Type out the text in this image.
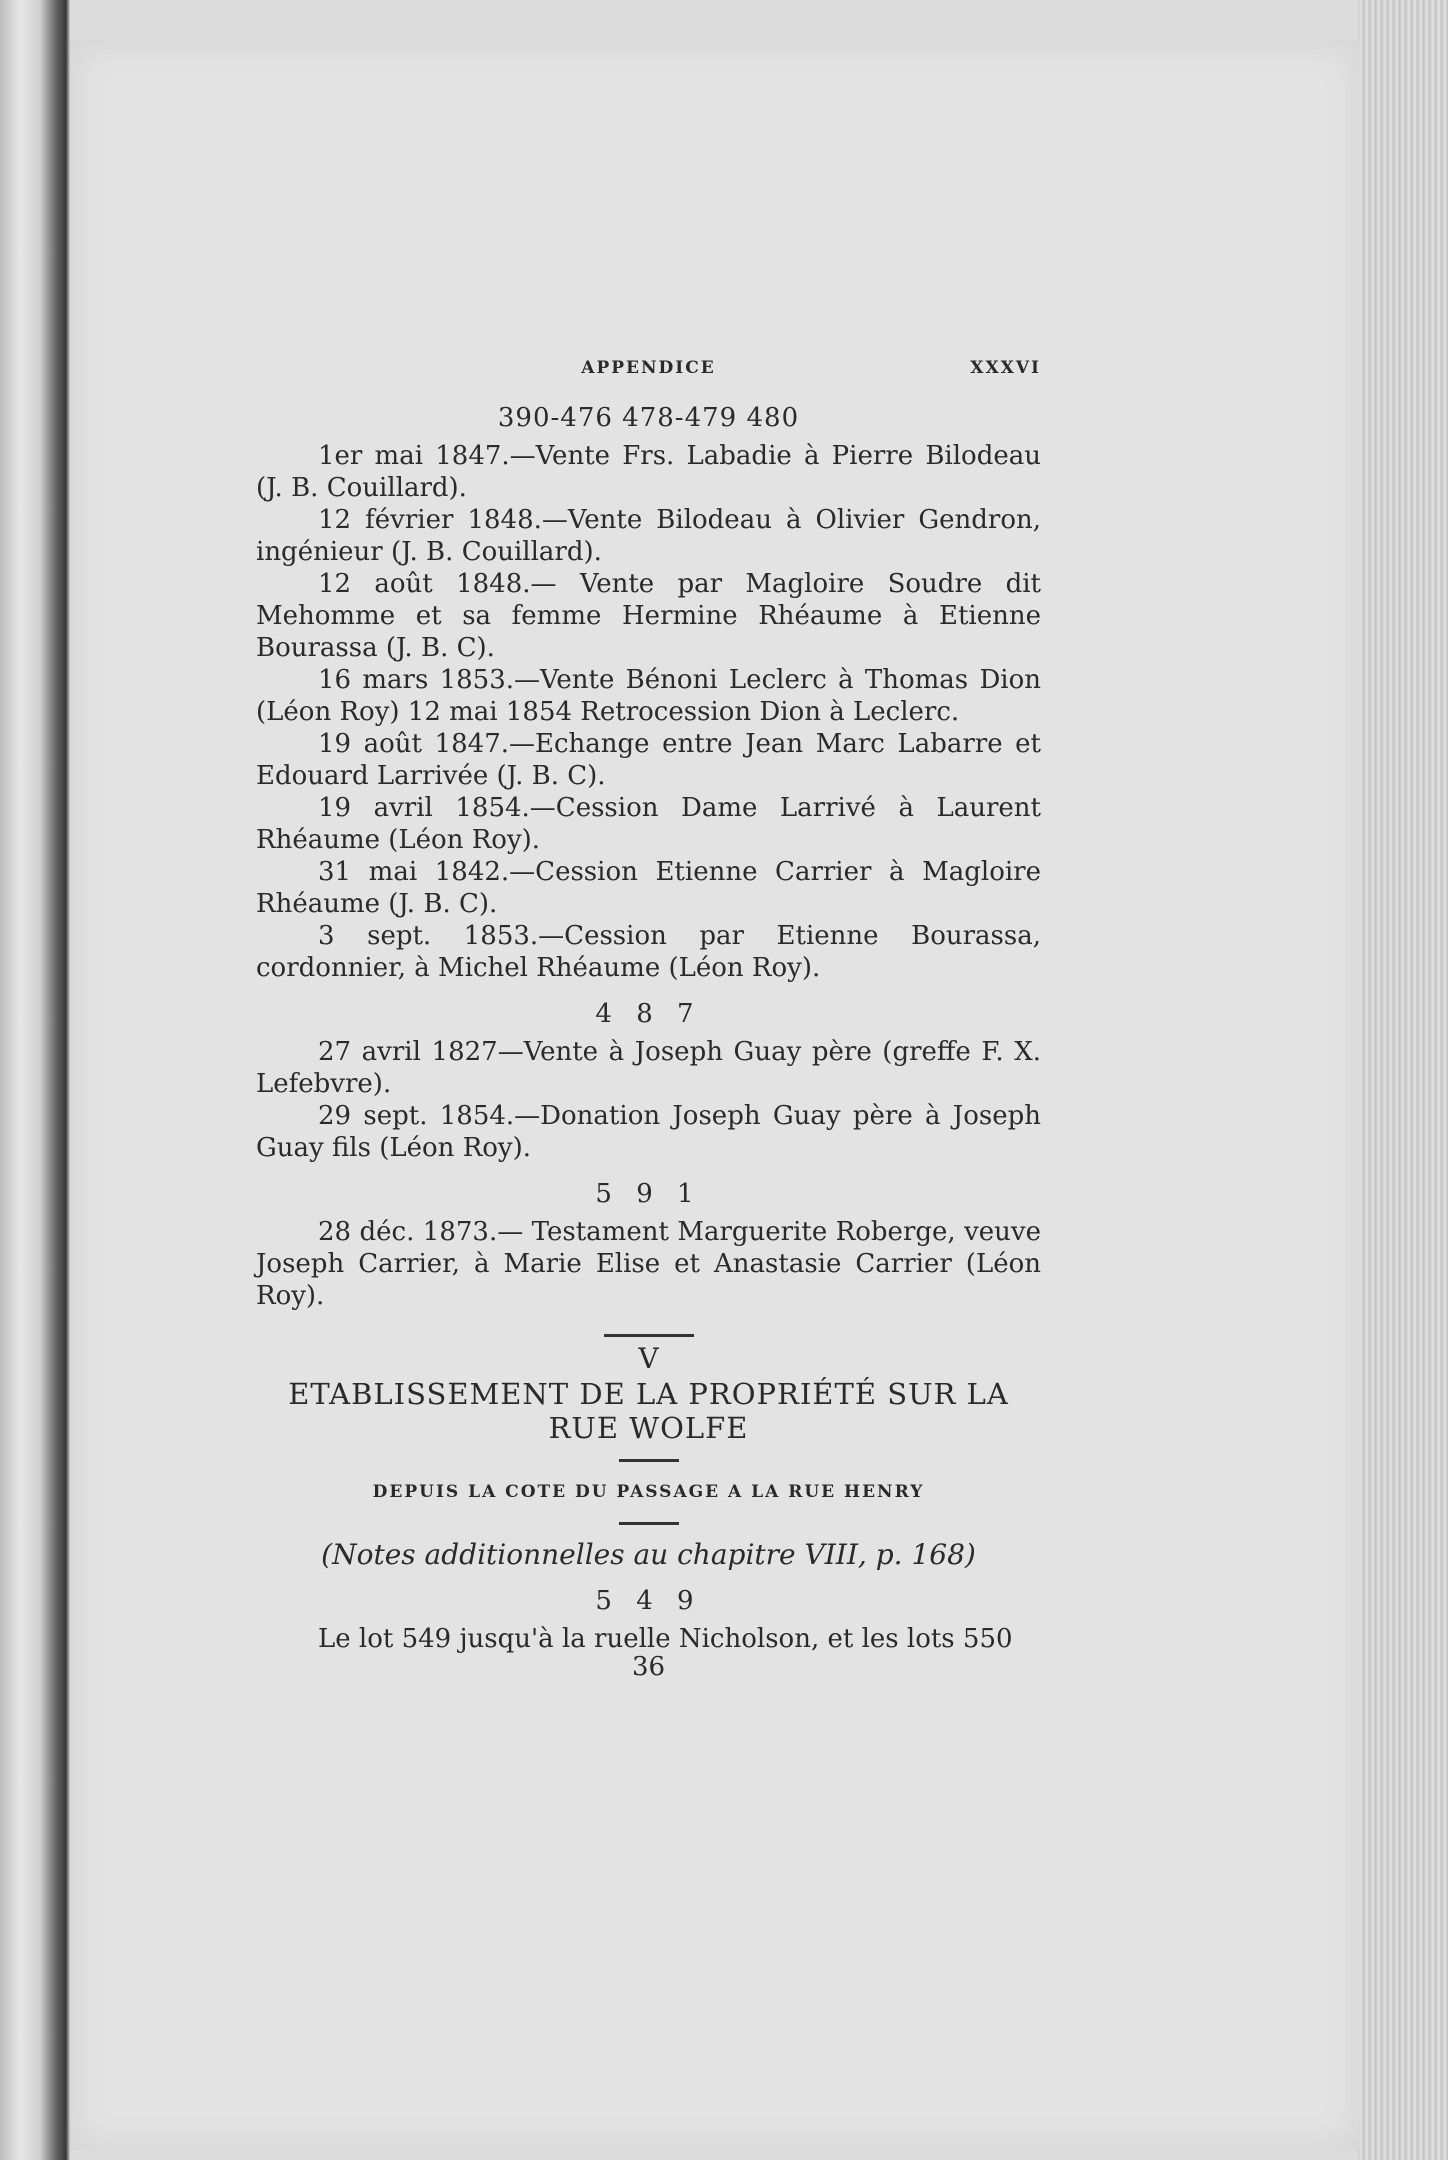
APPENDICE	XXXVI
390-476 478-479 480

1er mai 1847.—Vente Frs. Labadie à Pierre Bilodeau (J. B. Couillard).

12 février 1848.—Vente Bilodeau à Olivier Gendron, ingénieur (J. B. Couillard).

12 août 1848.— Vente par Magloire Soudre dit Mehomme et sa femme Hermine Rhéaume à Etienne Bourassa (J. B. C).

16 mars 1853.—Vente Bénoni Leclerc à Thomas Dion (Léon Roy) 12 mai 1854 Retrocession Dion à Leclerc.

19 août 1847.—Echange entre Jean Marc Labarre et Edouard Larrivée (J. B. C).

19 avril 1854.—Cession Dame Larrivé à Laurent Rhéaume (Léon Roy).

31 mai 1842.—Cession Etienne Carrier à Magloire Rhéaume (J. B. C).

3 sept. 1853.—Cession par Etienne Bourassa, cordonnier, à Michel Rhéaume (Léon Roy).

4 8 7

27 avril 1827—Vente à Joseph Guay père (greffe F. X. Lefebvre).

29 sept. 1854.—Donation Joseph Guay père à Joseph Guay fils (Léon Roy).

5 9 1

28 déc. 1873.— Testament Marguerite Roberge, veuve Joseph Carrier, à Marie Elise et Anastasie Carrier (Léon Roy).

V
ETABLISSEMENT DE LA PROPRIÉTÉ SUR LA RUE WOLFE
DEPUIS LA COTE DU PASSAGE A LA RUE HENRY
(Notes additionnelles au chapitre VIII, p. 168)
5 4 9

Le lot 549 jusqu'à la ruelle Nicholson, et les lots 550

36
